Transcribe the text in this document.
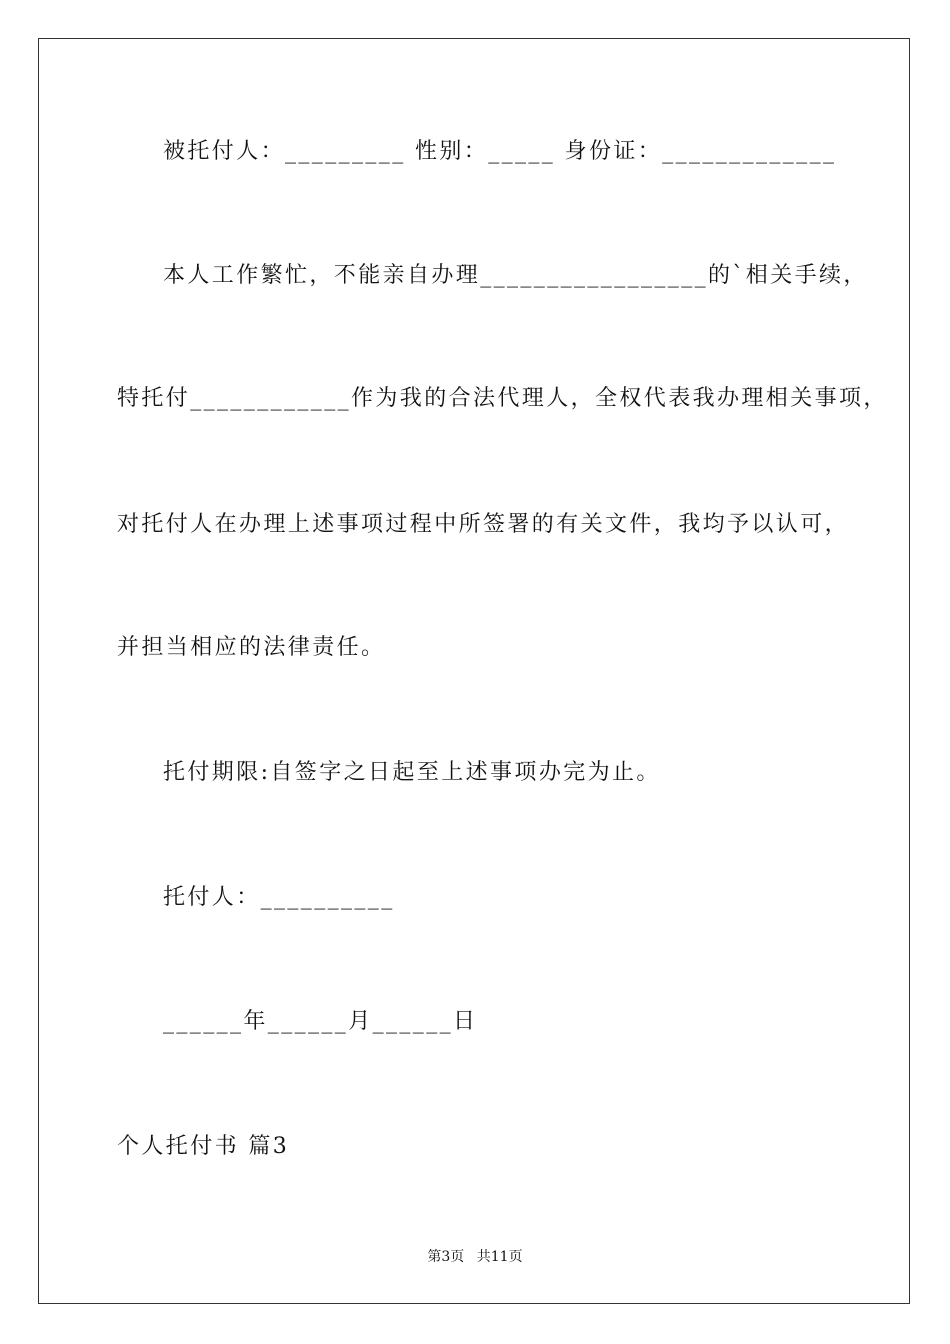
被托付人：_________ 性别：_____ 身份证：_____________
本人工作繁忙，不能亲自办理_________________的`相关手续，
特托付____________作为我的合法代理人，全权代表我办理相关事项，
对托付人在办理上述事项过程中所签署的有关文件，我均予以认可，
并担当相应的法律责任。
托付期限:自签字之日起至上述事项办完为止。
托付人：__________
______年______月______日
个人托付书 篇3
第3页 共11页
